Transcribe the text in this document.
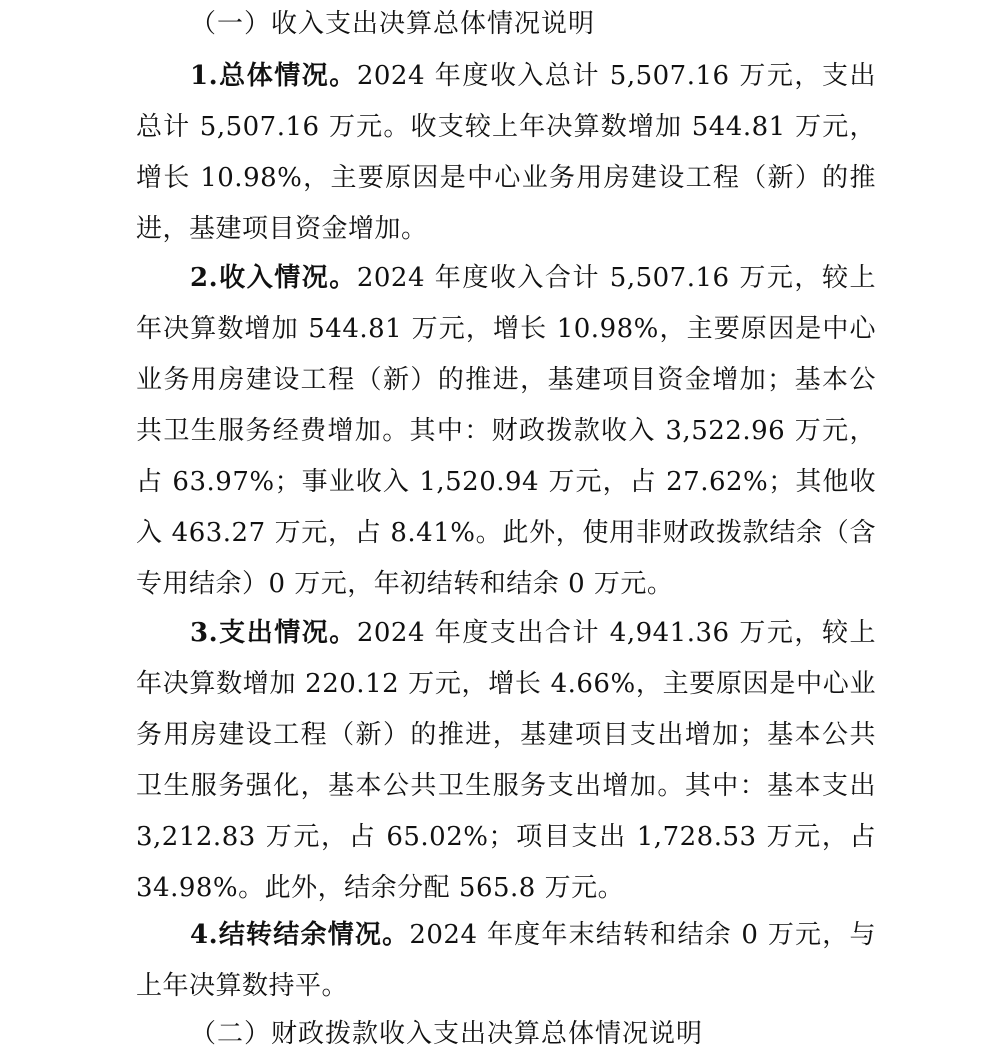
（一）收入支出决算总体情况说明
1.总体情况。2024 年度收入总计 5,507.16 万元，支出总计 5,507.16 万元。收支较上年决算数增加 544.81 万元，增长 10.98%，主要原因是中心业务用房建设工程（新）的推进，基建项目资金增加。
2.收入情况。2024 年度收入合计 5,507.16 万元，较上年决算数增加 544.81 万元，增长 10.98%，主要原因是中心业务用房建设工程（新）的推进，基建项目资金增加；基本公共卫生服务经费增加。其中：财政拨款收入 3,522.96 万元，占 63.97%；事业收入 1,520.94 万元，占 27.62%；其他收入 463.27 万元，占 8.41%。此外，使用非财政拨款结余（含专用结余）0 万元，年初结转和结余 0 万元。
3.支出情况。2024 年度支出合计 4,941.36 万元，较上年决算数增加 220.12 万元，增长 4.66%，主要原因是中心业务用房建设工程（新）的推进，基建项目支出增加；基本公共卫生服务强化，基本公共卫生服务支出增加。其中：基本支出 3,212.83 万元，占 65.02%；项目支出 1,728.53 万元，占 34.98%。此外，结余分配 565.8 万元。
4.结转结余情况。2024 年度年末结转和结余 0 万元，与上年决算数持平。
（二）财政拨款收入支出决算总体情况说明
